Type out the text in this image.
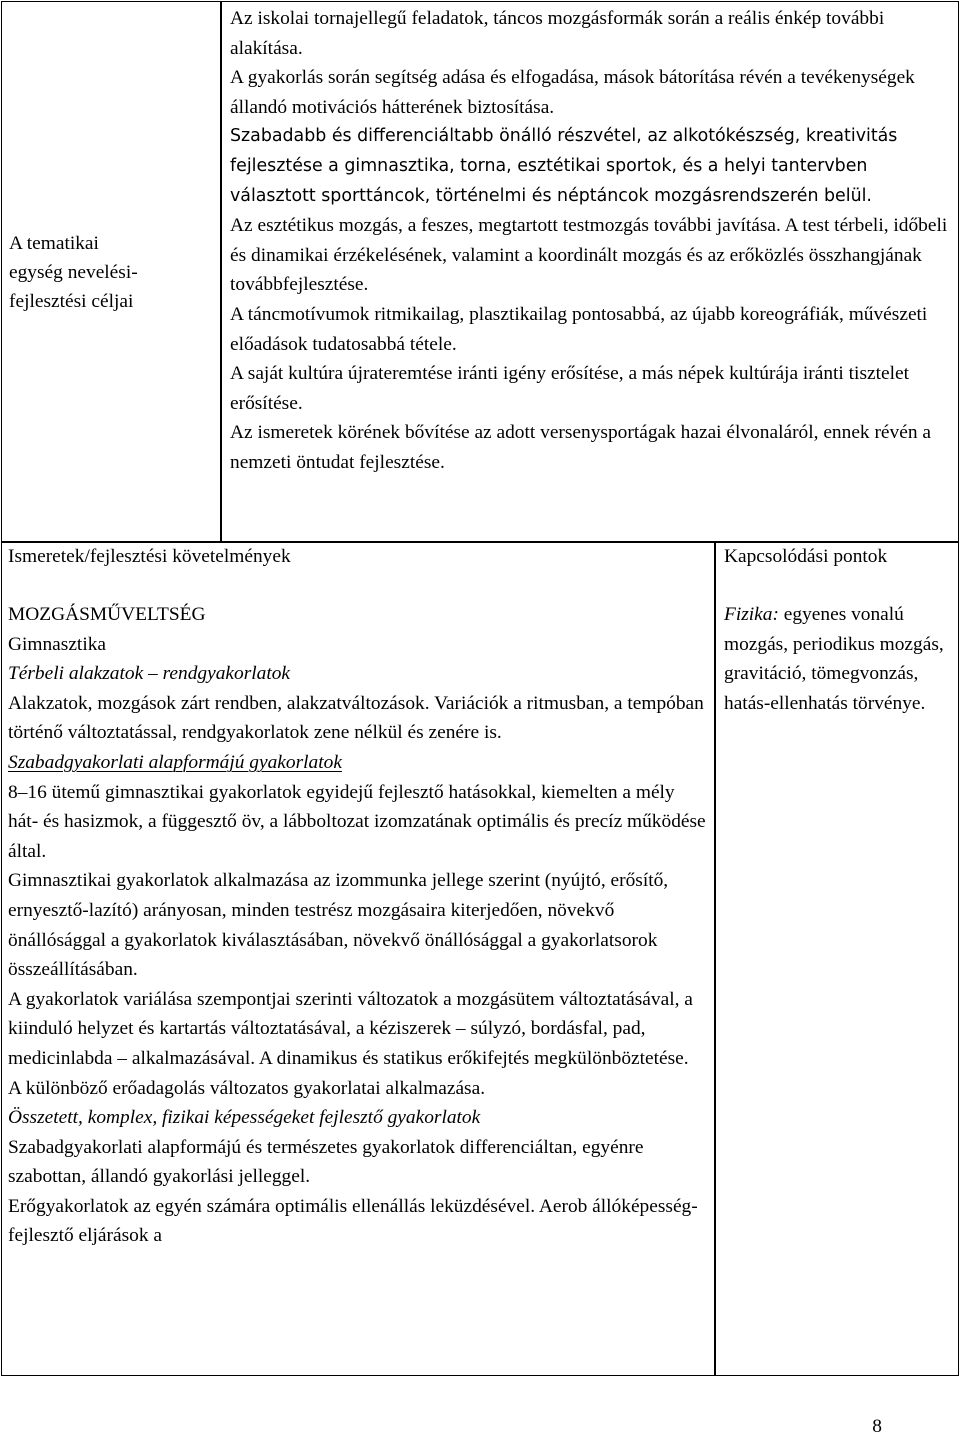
A tematikai
egység nevelési-
fejlesztési céljai

Az iskolai tornajellegű feladatok, táncos mozgásformák során a reális énkép további alakítása.

A gyakorlás során segítség adása és elfogadása, mások bátorítása révén a tevékenységek állandó motivációs hátterének biztosítása.

Szabadabb és differenciáltabb önálló részvétel, az alkotókészség, kreativitás fejlesztése a gimnasztika, torna, esztétikai sportok, és a helyi tantervben választott sporttáncok, történelmi és néptáncok mozgásrendszerén belül.

Az esztétikus mozgás, a feszes, megtartott testmozgás további javítása. A test térbeli, időbeli és dinamikai érzékelésének, valamint a koordinált mozgás és az erőközlés összhangjának továbbfejlesztése.

A táncmotívumok ritmikailag, plasztikailag pontosabbá, az újabb koreográfiák, művészeti előadások tudatosabbá tétele.

A saját kultúra újrateremtése iránti igény erősítése, a más népek kultúrája iránti tisztelet erősítése.

Az ismeretek körének bővítése az adott versenysportágak hazai élvonaláról, ennek révén a nemzeti öntudat fejlesztése.

Ismeretek/fejlesztési követelmények	Kapcsolódási pontok

MOZGÁSMŰVELTSÉG

Gimnasztika

Térbeli alakzatok – rendgyakorlatok

Alakzatok, mozgások zárt rendben, alakzatváltozások. Variációk a ritmusban, a tempóban történő változtatással, rendgyakorlatok zene nélkül és zenére is.

Szabadgyakorlati alapformájú gyakorlatok

8–16 ütemű gimnasztikai gyakorlatok egyidejű fejlesztő hatásokkal, kiemelten a mély hát- és hasizmok, a függesztő öv, a lábboltozat izomzatának optimális és precíz működése által.

Gimnasztikai gyakorlatok alkalmazása az izommunka jellege szerint (nyújtó, erősítő, ernyesztő-lazító) arányosan, minden testrész mozgásaira kiterjedően, növekvő önállósággal a gyakorlatok kiválasztásában, növekvő önállósággal a gyakorlatsorok összeállításában.

A gyakorlatok variálása szempontjai szerinti változatok a mozgásütem változtatásával, a kiinduló helyzet és kartartás változtatásával, a kéziszerek – súlyzó, bordásfal, pad, medicinlabda – alkalmazásával. A dinamikus és statikus erőkifejtés megkülönböztetése.

A különböző erőadagolás változatos gyakorlatai alkalmazása.

Összetett, komplex, fizikai képességeket fejlesztő gyakorlatok

Szabadgyakorlati alapformájú és természetes gyakorlatok differenciáltan, egyénre szabottan, állandó gyakorlási jelleggel.

Erőgyakorlatok az egyén számára optimális ellenállás leküzdésével. Aerob állóképesség-fejlesztő eljárások a

Fizika: egyenes vonalú mozgás, periodikus mozgás, gravitáció, tömegvonzás, hatás-ellenhatás törvénye.

8
